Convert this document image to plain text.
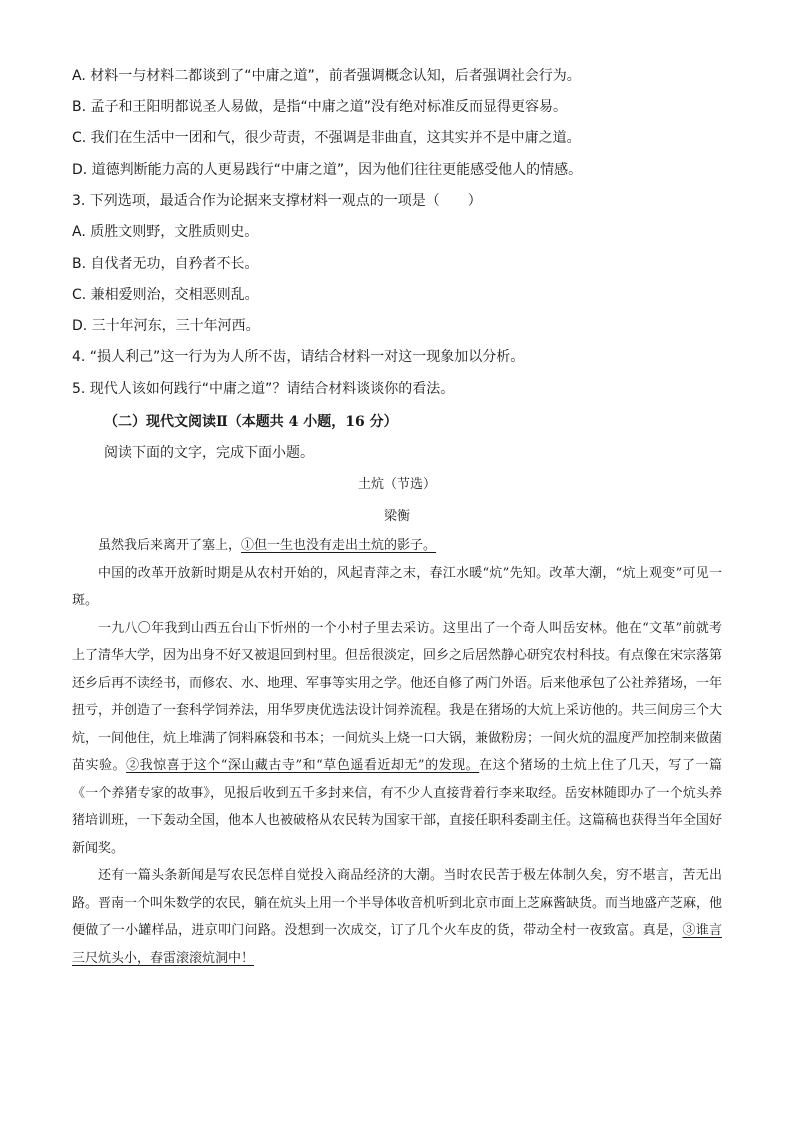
A. 材料一与材料二都谈到了“中庸之道”，前者强调概念认知，后者强调社会行为。
B. 孟子和王阳明都说圣人易做，是指“中庸之道”没有绝对标准反而显得更容易。
C. 我们在生活中一团和气，很少苛责，不强调是非曲直，这其实并不是中庸之道。
D. 道德判断能力高的人更易践行“中庸之道”，因为他们往往更能感受他人的情感。
3. 下列选项，最适合作为论据来支撑材料一观点的一项是（　　）
A. 质胜文则野，文胜质则史。
B. 自伐者无功，自矜者不长。
C. 兼相爱则治，交相恶则乱。
D. 三十年河东，三十年河西。
4. “损人利己”这一行为为人所不齿，请结合材料一对这一现象加以分析。
5. 现代人该如何践行“中庸之道”？请结合材料谈谈你的看法。
（二）现代文阅读Ⅱ（本题共 4 小题，16 分）
阅读下面的文字，完成下面小题。
土炕（节选）
梁衡

虽然我后来离开了塞上，①但一生也没有走出土炕的影子。

中国的改革开放新时期是从农村开始的，风起青萍之末，春江水暖“炕”先知。改革大潮，“炕上观变”可见一斑。

一九八〇年我到山西五台山下忻州的一个小村子里去采访。这里出了一个奇人叫岳安林。他在“文革”前就考上了清华大学，因为出身不好又被退回到村里。但岳很淡定，回乡之后居然静心研究农村科技。有点像在宋宗落第还乡后再不读经书，而修农、水、地理、军事等实用之学。他还自修了两门外语。后来他承包了公社养猪场，一年扭亏，并创造了一套科学饲养法，用华罗庚优选法设计饲养流程。我是在猪场的大炕上采访他的。共三间房三个大炕，一间他住，炕上堆满了饲料麻袋和书本；一间炕头上烧一口大锅，兼做粉房；一间火炕的温度严加控制来做菌苗实验。②我惊喜于这个“深山藏古寺”和“草色遥看近却无”的发现。在这个猪场的土炕上住了几天，写了一篇《一个养猪专家的故事》，见报后收到五千多封来信，有不少人直接背着行李来取经。岳安林随即办了一个炕头养猪培训班，一下轰动全国，他本人也被破格从农民转为国家干部，直接任职科委副主任。这篇稿也获得当年全国好新闻奖。

还有一篇头条新闻是写农民怎样自觉投入商品经济的大潮。当时农民苦于极左体制久矣，穷不堪言，苦无出路。晋南一个叫朱数学的农民，躺在炕头上用一个半导体收音机听到北京市面上芝麻酱缺货。而当地盛产芝麻，他便做了一小罐样品，进京叩门问路。没想到一次成交，订了几个火车皮的货，带动全村一夜致富。真是，③谁言三尺炕头小，春雷滚滚炕洞中！
